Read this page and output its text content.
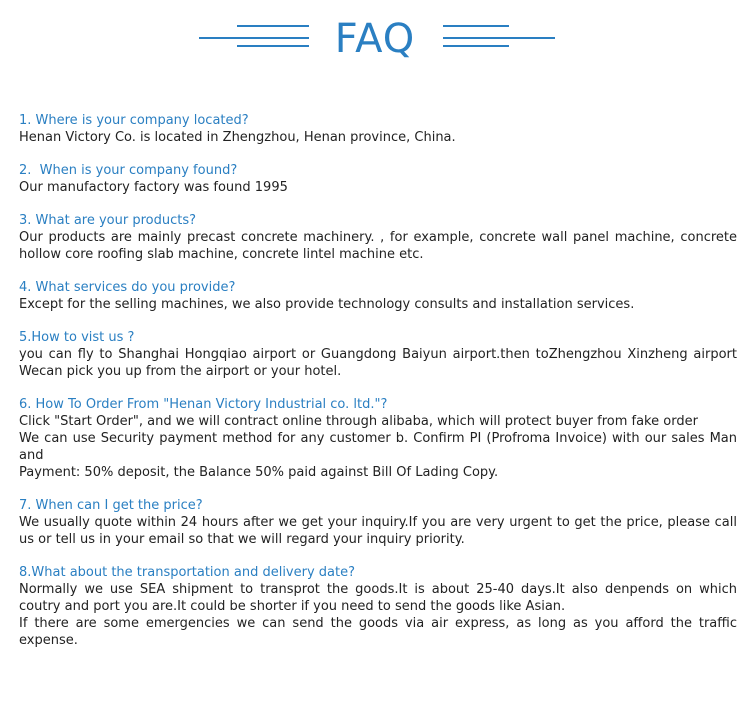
FAQ
1. Where is your company located?
Henan Victory Co. is located in Zhengzhou, Henan province, China.
2.  When is your company found?
Our manufactory factory was found 1995
3. What are your products?
Our products are mainly precast concrete machinery. , for example, concrete wall panel machine, concrete hollow core roofing slab machine, concrete lintel machine etc.
4. What services do you provide?
Except for the selling machines, we also provide technology consults and installation services.
5.How to vist us ?
you can fly to Shanghai Hongqiao airport or Guangdong Baiyun airport.then toZhengzhou Xinzheng airport Wecan pick you up from the airport or your hotel.
6. How To Order From "Henan Victory Industrial co. ltd."?
Click "Start Order", and we will contract online through alibaba, which will protect buyer from fake order
We can use Security payment method for any customer b. Confirm PI (Profroma Invoice) with our sales Man and
Payment: 50% deposit, the Balance 50% paid against Bill Of Lading Copy.
7. When can I get the price?
We usually quote within 24 hours after we get your inquiry.If you are very urgent to get the price, please call us or tell us in your email so that we will regard your inquiry priority.
8.What about the transportation and delivery date?
Normally we use SEA shipment to transprot the goods.It is about 25-40 days.It also denpends on which coutry and port you are.It could be shorter if you need to send the goods like Asian.
If there are some emergencies we can send the goods via air express, as long as you afford the traffic expense.
